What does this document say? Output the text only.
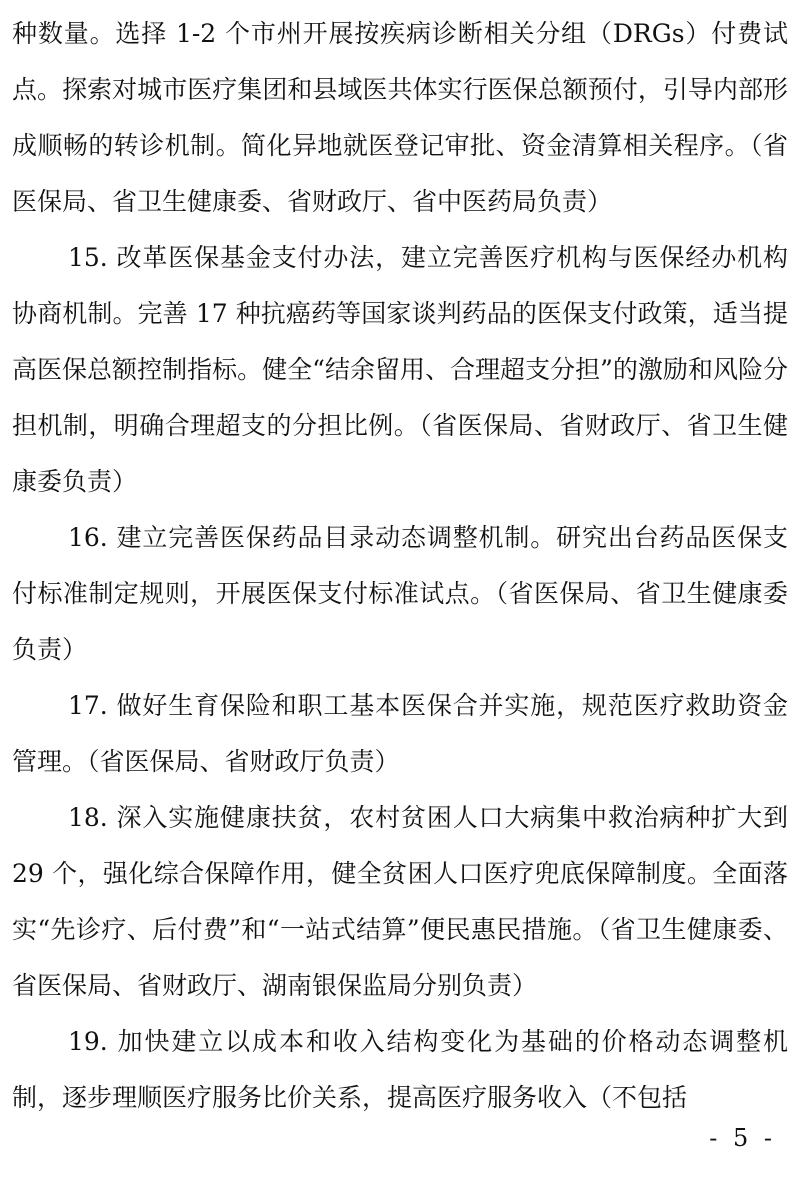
种数量。选择 1-2 个市州开展按疾病诊断相关分组（DRGs）付费试点。探索对城市医疗集团和县域医共体实行医保总额预付，引导内部形成顺畅的转诊机制。简化异地就医登记审批、资金清算相关程序。（省医保局、省卫生健康委、省财政厅、省中医药局负责）

15. 改革医保基金支付办法，建立完善医疗机构与医保经办机构协商机制。完善 17 种抗癌药等国家谈判药品的医保支付政策，适当提高医保总额控制指标。健全“结余留用、合理超支分担”的激励和风险分担机制，明确合理超支的分担比例。（省医保局、省财政厅、省卫生健康委负责）

16. 建立完善医保药品目录动态调整机制。研究出台药品医保支付标准制定规则，开展医保支付标准试点。（省医保局、省卫生健康委负责）

17. 做好生育保险和职工基本医保合并实施，规范医疗救助资金管理。（省医保局、省财政厅负责）

18. 深入实施健康扶贫，农村贫困人口大病集中救治病种扩大到 29 个，强化综合保障作用，健全贫困人口医疗兜底保障制度。全面落实“先诊疗、后付费”和“一站式结算”便民惠民措施。（省卫生健康委、省医保局、省财政厅、湖南银保监局分别负责）

19. 加快建立以成本和收入结构变化为基础的价格动态调整机制，逐步理顺医疗服务比价关系，提高医疗服务收入（不包括

- 5 -
